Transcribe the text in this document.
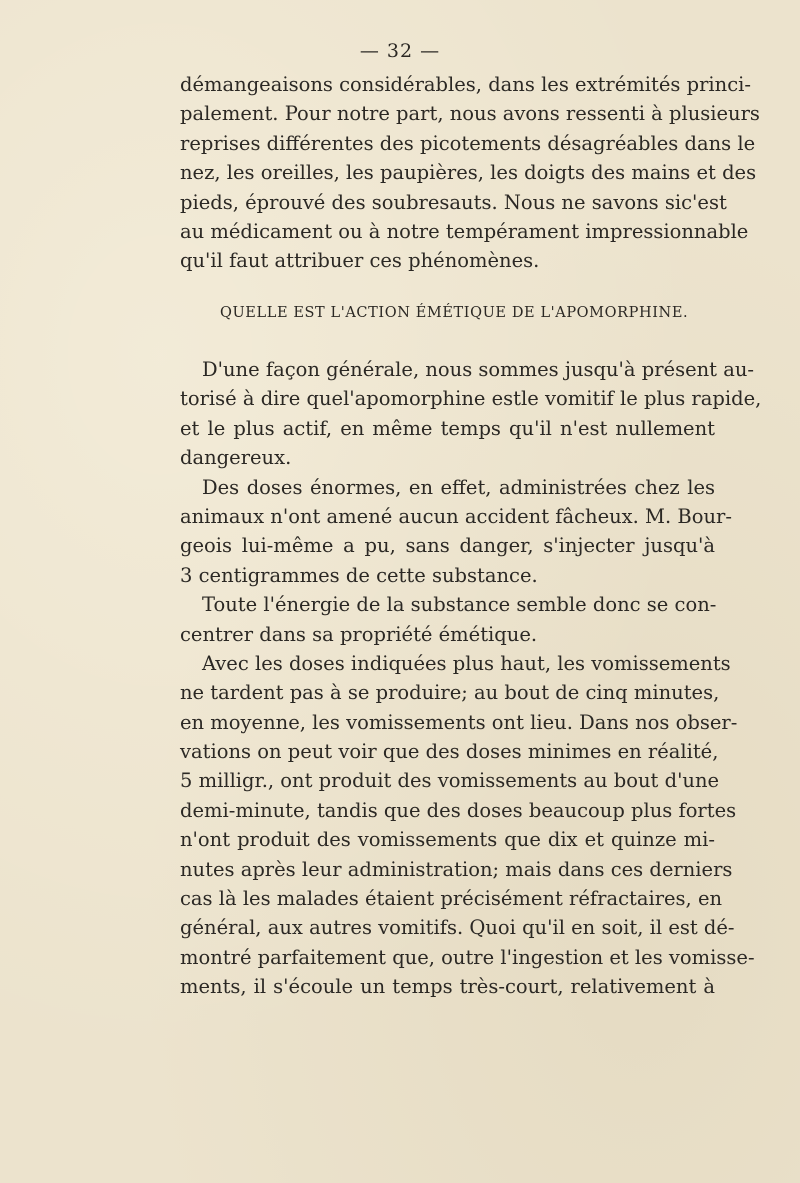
— 32 —
démangeaisons considérables, dans les extrémités princi-
palement. Pour notre part, nous avons ressenti à plusieurs
reprises différentes des picotements désagréables dans le
nez, les oreilles, les paupières, les doigts des mains et des
pieds, éprouvé des soubresauts. Nous ne savons sic'est
au médicament ou à notre tempérament impressionnable
qu'il faut attribuer ces phénomènes.
QUELLE EST L'ACTION ÉMÉTIQUE DE L'APOMORPHINE.
D'une façon générale, nous sommes jusqu'à présent au-
torisé à dire quel'apomorphine estle vomitif le plus rapide,
et le plus actif, en même temps qu'il n'est nullement
dangereux.
Des doses énormes, en effet, administrées chez les
animaux n'ont amené aucun accident fâcheux. M. Bour-
geois lui-même a pu, sans danger, s'injecter jusqu'à
3 centigrammes de cette substance.
Toute l'énergie de la substance semble donc se con-
centrer dans sa propriété émétique.
Avec les doses indiquées plus haut, les vomissements
ne tardent pas à se produire; au bout de cinq minutes,
en moyenne, les vomissements ont lieu. Dans nos obser-
vations on peut voir que des doses minimes en réalité,
5 milligr., ont produit des vomissements au bout d'une
demi-minute, tandis que des doses beaucoup plus fortes
n'ont produit des vomissements que dix et quinze mi-
nutes après leur administration; mais dans ces derniers
cas là les malades étaient précisément réfractaires, en
général, aux autres vomitifs. Quoi qu'il en soit, il est dé-
montré parfaitement que, outre l'ingestion et les vomisse-
ments, il s'écoule un temps très-court, relativement à
